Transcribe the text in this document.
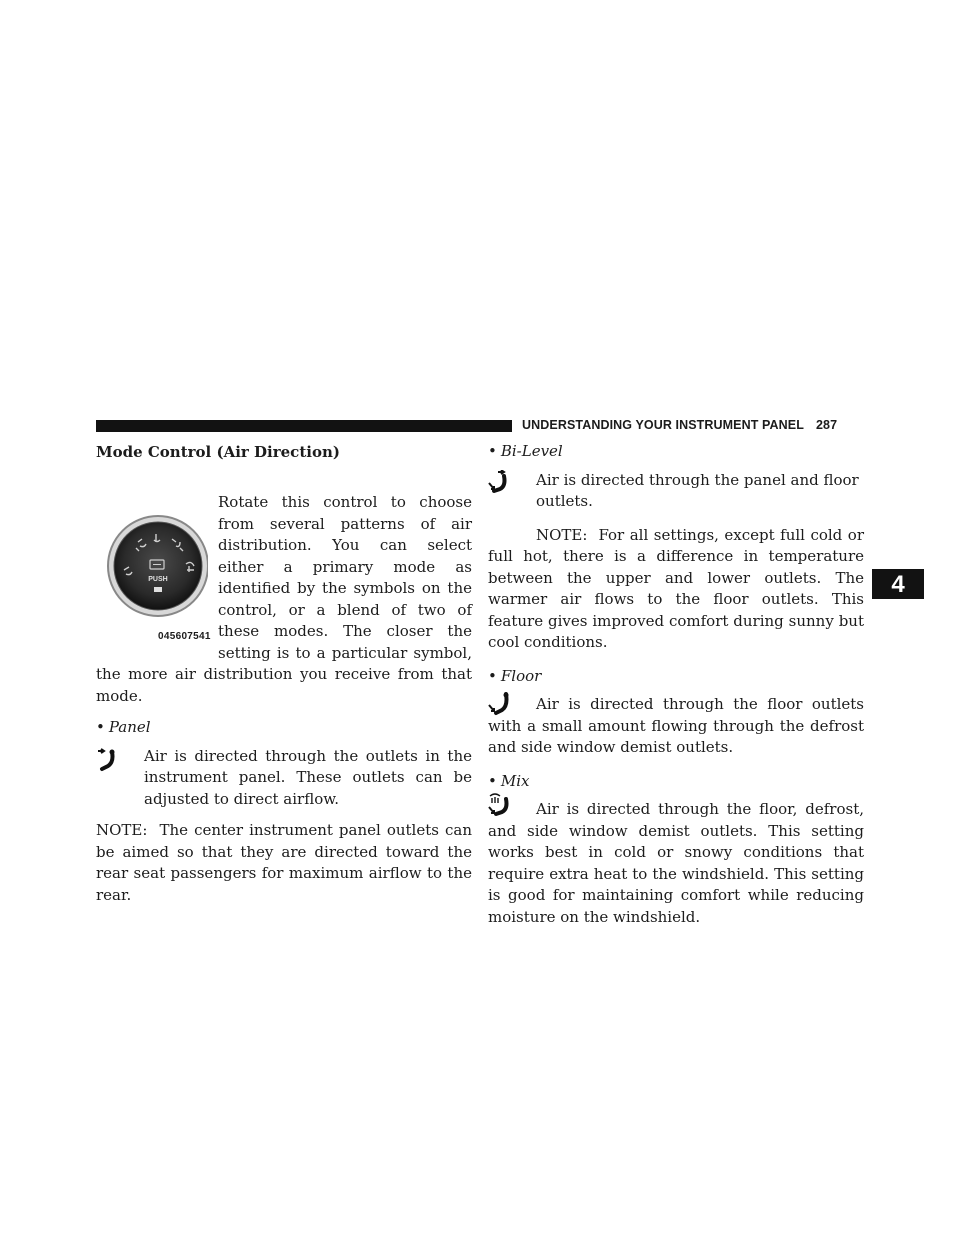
UNDERSTANDING YOUR INSTRUMENT PANEL 287
4
Mode Control (Air Direction)
PUSH
045607541

Rotate this control to choose from several patterns of air distribution. You can select either a primary mode as identified by the symbols on the control, or a blend of two of these modes. The closer the setting is to a particular symbol, the more air distribution you receive from that mode.

• Panel

Air is directed through the outlets in the instrument panel. These outlets can be adjusted to direct airflow.

NOTE: The center instrument panel outlets can be aimed so that they are directed toward the rear seat passengers for maximum airflow to the rear.

• Bi-Level

Air is directed through the panel and floor outlets.

NOTE: For all settings, except full cold or full hot, there is a difference in temperature between the upper and lower outlets. The warmer air flows to the floor outlets. This feature gives improved comfort during sunny but cool conditions.

• Floor

Air is directed through the floor outlets with a small amount flowing through the defrost and side window demist outlets.

• Mix

Air is directed through the floor, defrost, and side window demist outlets. This setting works best in cold or snowy conditions that require extra heat to the windshield. This setting is good for maintaining comfort while reducing moisture on the windshield.
